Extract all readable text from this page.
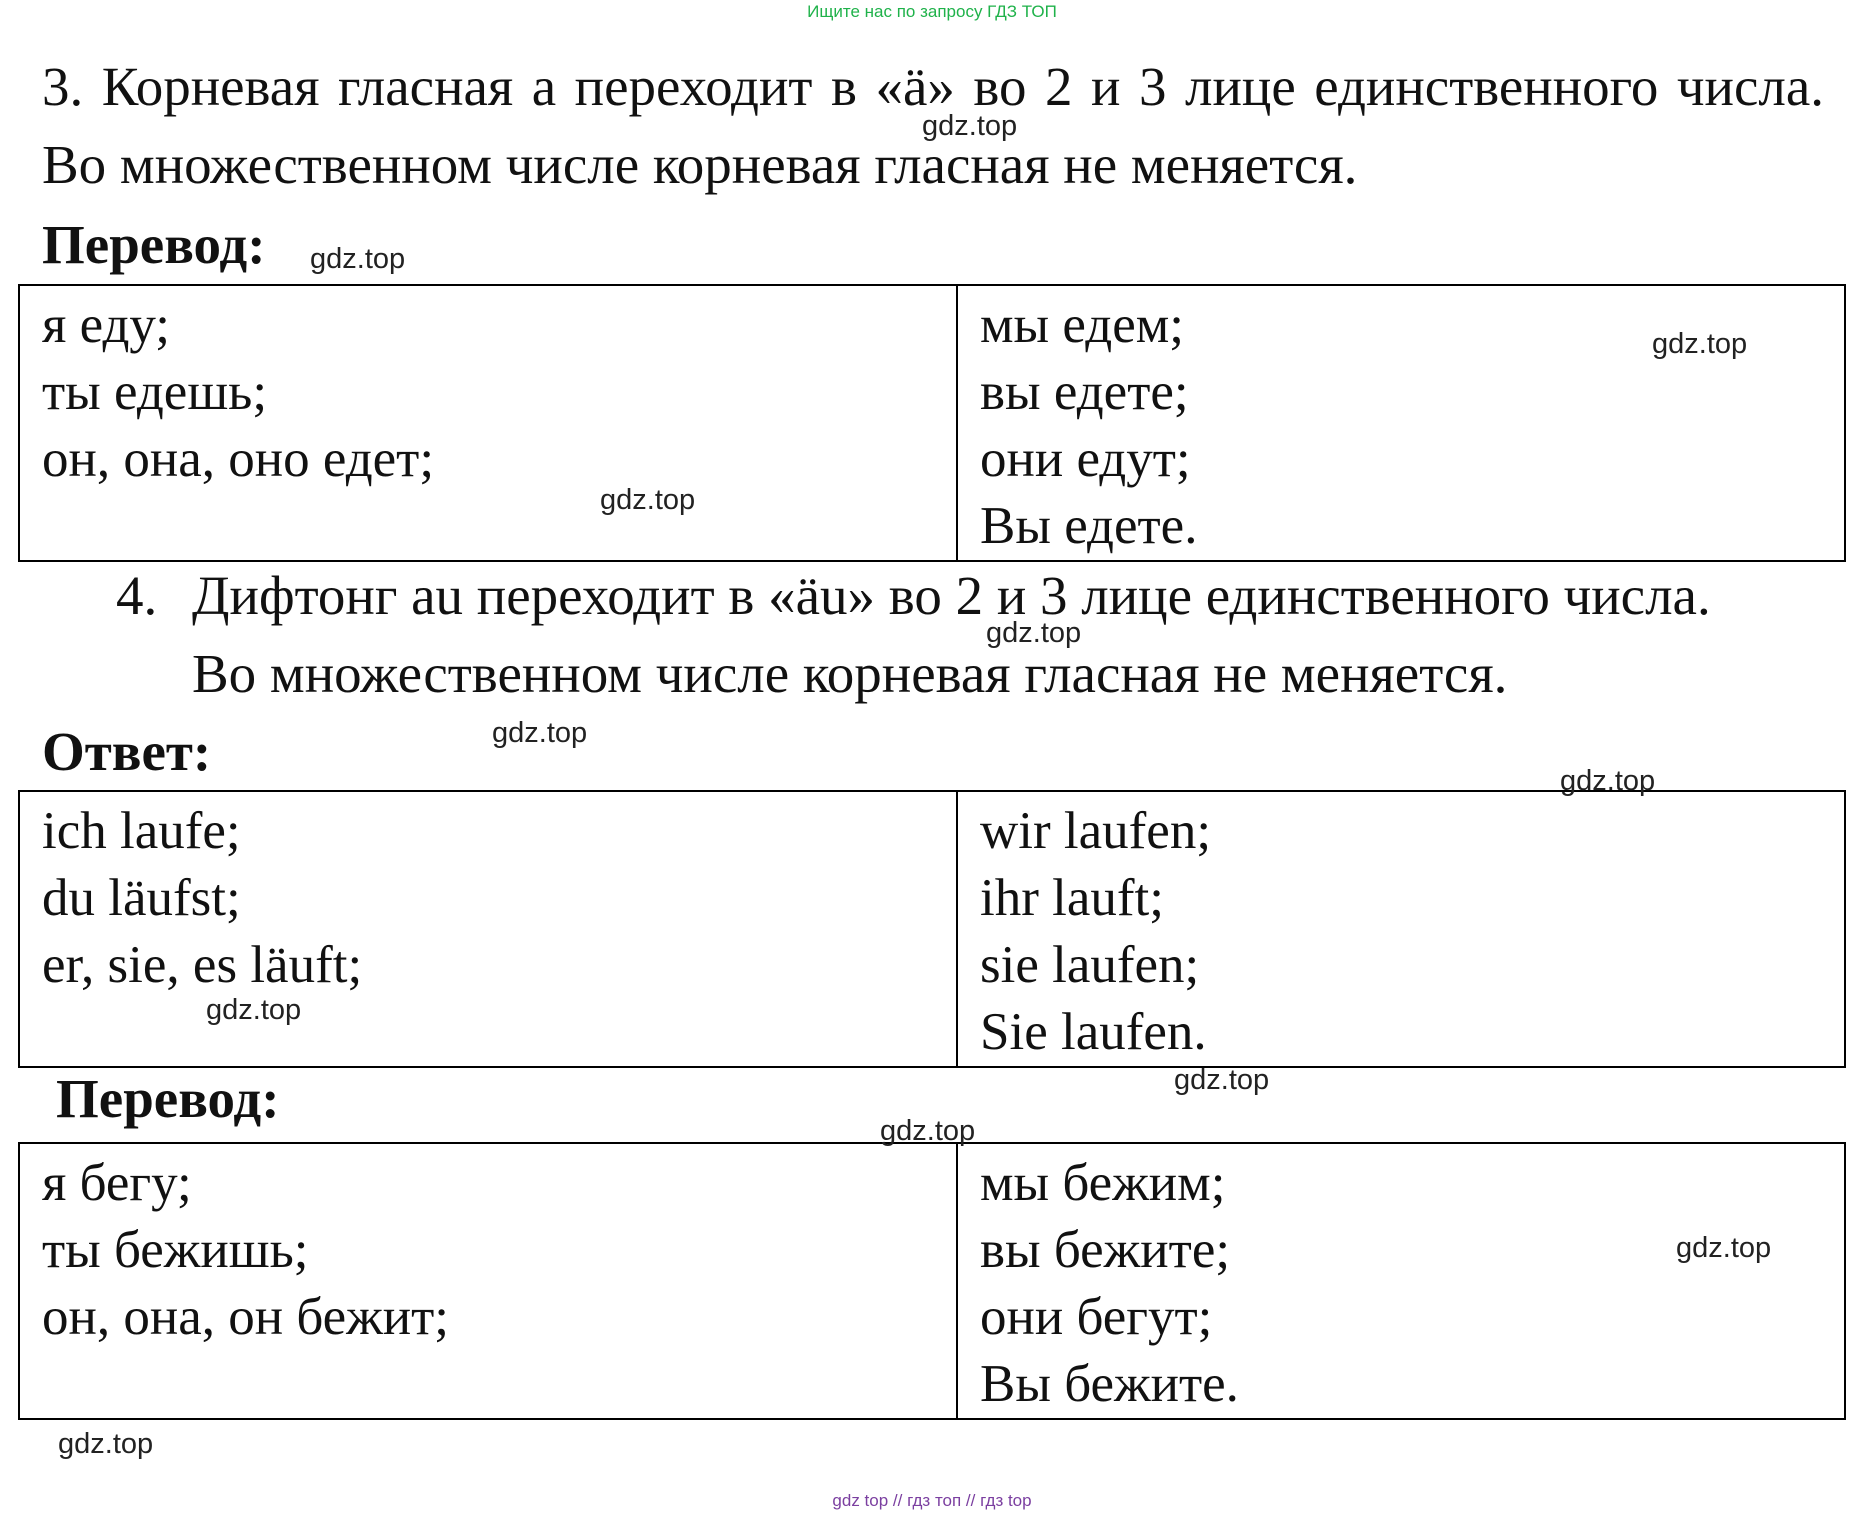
Ищите нас по запросу ГДЗ ТОП
3. Корневая гласная а переходит в «ä» во 2 и 3 лице единственного числа. Во множественном числе корневая гласная не меняется.
Перевод:
я еду;
ты едешь;
он, она, оно едет;

мы едем;
вы едете;
они едут;
Вы едете.
4. Дифтонг au переходит в «äu» во 2 и 3 лице единственного числа.
Во множественном числе корневая гласная не меняется.
Ответ:
ich laufe;
du läufst;
er, sie, es läuft;

wir laufen;
ihr lauft;
sie laufen;
Sie laufen.
Перевод:
я бегу;
ты бежишь;
он, она, он бежит;

мы бежим;
вы бежите;
они бегут;
Вы бежите.
gdz.top
gdz.top
gdz.top
gdz.top
gdz.top
gdz.top
gdz.top
gdz.top
gdz.top
gdz.top
gdz.top
gdz.top
gdz top // гдз топ // гдз top
